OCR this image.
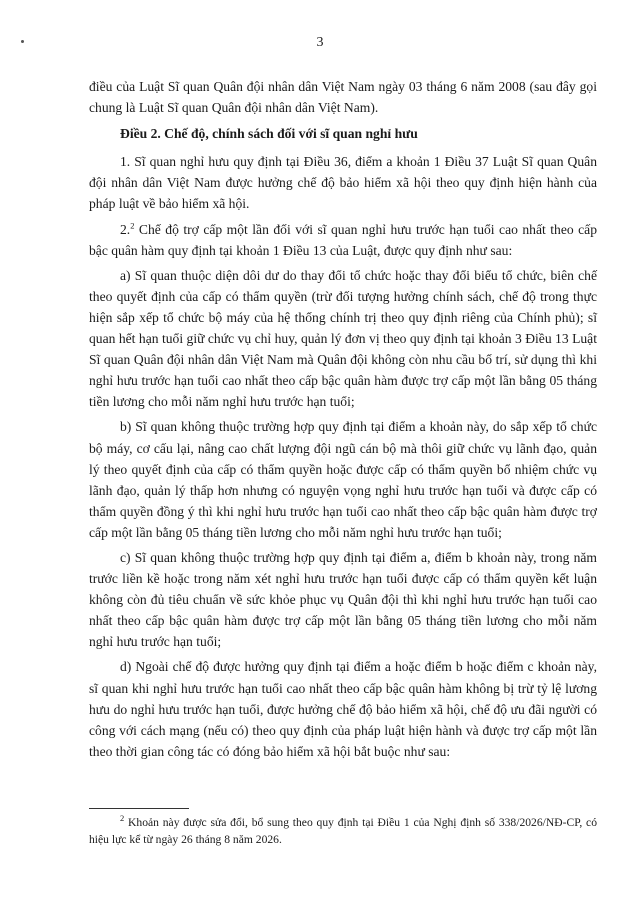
3

điều của Luật Sĩ quan Quân đội nhân dân Việt Nam ngày 03 tháng 6 năm 2008 (sau đây gọi chung là Luật Sĩ quan Quân đội nhân dân Việt Nam).

Điều 2. Chế độ, chính sách đối với sĩ quan nghỉ hưu

1. Sĩ quan nghỉ hưu quy định tại Điều 36, điểm a khoản 1 Điều 37 Luật Sĩ quan Quân đội nhân dân Việt Nam được hưởng chế độ bảo hiểm xã hội theo quy định hiện hành của pháp luật về bảo hiểm xã hội.

2.$^2$ Chế độ trợ cấp một lần đối với sĩ quan nghỉ hưu trước hạn tuổi cao nhất theo cấp bậc quân hàm quy định tại khoản 1 Điều 13 của Luật, được quy định như sau:

a) Sĩ quan thuộc diện dôi dư do thay đổi tổ chức hoặc thay đổi biểu tổ chức, biên chế theo quyết định của cấp có thẩm quyền (trừ đối tượng hưởng chính sách, chế độ trong thực hiện sắp xếp tổ chức bộ máy của hệ thống chính trị theo quy định riêng của Chính phủ); sĩ quan hết hạn tuổi giữ chức vụ chỉ huy, quản lý đơn vị theo quy định tại khoản 3 Điều 13 Luật Sĩ quan Quân đội nhân dân Việt Nam mà Quân đội không còn nhu cầu bố trí, sử dụng thì khi nghỉ hưu trước hạn tuổi cao nhất theo cấp bậc quân hàm được trợ cấp một lần bằng 05 tháng tiền lương cho mỗi năm nghỉ hưu trước hạn tuổi;

b) Sĩ quan không thuộc trường hợp quy định tại điểm a khoản này, do sắp xếp tổ chức bộ máy, cơ cấu lại, nâng cao chất lượng đội ngũ cán bộ mà thôi giữ chức vụ lãnh đạo, quản lý theo quyết định của cấp có thẩm quyền hoặc được cấp có thẩm quyền bổ nhiệm chức vụ lãnh đạo, quản lý thấp hơn nhưng có nguyện vọng nghỉ hưu trước hạn tuổi và được cấp có thẩm quyền đồng ý thì khi nghỉ hưu trước hạn tuổi cao nhất theo cấp bậc quân hàm được trợ cấp một lần bằng 05 tháng tiền lương cho mỗi năm nghỉ hưu trước hạn tuổi;

c) Sĩ quan không thuộc trường hợp quy định tại điểm a, điểm b khoản này, trong năm trước liền kề hoặc trong năm xét nghỉ hưu trước hạn tuổi được cấp có thẩm quyền kết luận không còn đủ tiêu chuẩn về sức khỏe phục vụ Quân đội thì khi nghỉ hưu trước hạn tuổi cao nhất theo cấp bậc quân hàm được trợ cấp một lần bằng 05 tháng tiền lương cho mỗi năm nghỉ hưu trước hạn tuổi;

d) Ngoài chế độ được hưởng quy định tại điểm a hoặc điểm b hoặc điểm c khoản này, sĩ quan khi nghỉ hưu trước hạn tuổi cao nhất theo cấp bậc quân hàm không bị trừ tỷ lệ lương hưu do nghỉ hưu trước hạn tuổi, được hưởng chế độ bảo hiểm xã hội, chế độ ưu đãi người có công với cách mạng (nếu có) theo quy định của pháp luật hiện hành và được trợ cấp một lần theo thời gian công tác có đóng bảo hiểm xã hội bắt buộc như sau:

$^2$ Khoản này được sửa đổi, bổ sung theo quy định tại Điều 1 của Nghị định số 338/2026/NĐ-CP, có hiệu lực kể từ ngày 26 tháng 8 năm 2026.
